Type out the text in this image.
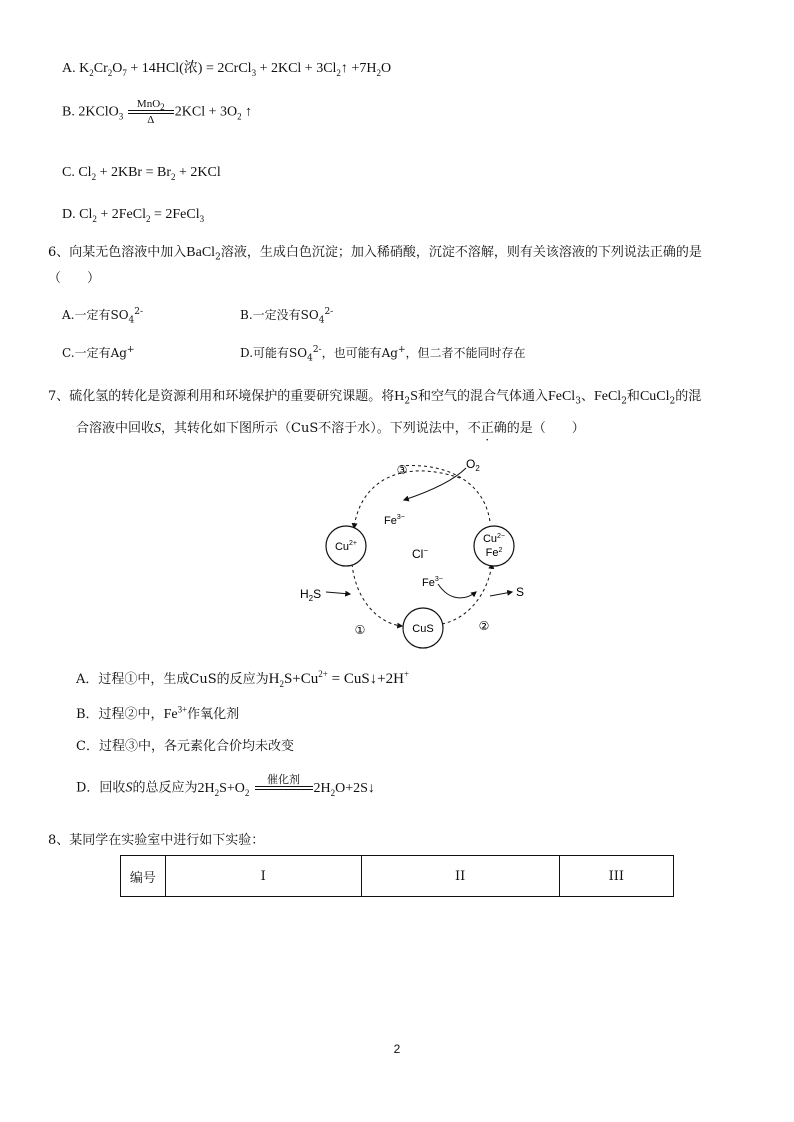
A. $K_2Cr_2O_7 + 14HCl$(浓) = 2CrCl$_3$ + $2KCl + 3Cl_2↑ +7H_2O$
B. 2KClO$_3$
MnO$_2$
Δ
$2KCl + 3O_2$ ↑
C. $Cl_2 + 2KBr = Br_2 + 2KCl$
D. $Cl_2$ + 2FeCl$_2$ = 2FeCl$_3$
6、向某无色溶液中加入BaCl$_2$溶液，生成白色沉淀；加入稀硝酸，沉淀不溶解，则有关该溶液的下列说法正确的是
（　　）
A.一定有$SO_4^{2-}$	B.一定没有$SO_4^{2-}$
C.一定有Ag+	D.可能有$SO_4^{2-}$，也可能有Ag+，但二者不能同时存在
7、硫化氢的转化是资源利用和环境保护的重要研究课题。将$H_2S$和空气的混合气体通入FeCl$_3$、FeCl$_2$和CuCl$_2$的混
合溶液中回收S，其转化如下图所示（CuS不溶于水）。下列说法中，不正确的是（　　）
③	$O_2$
$Fe^{3-}$
$Cu^{2+}$
Cl−
$Cu^{2-}$
Fe$^2$
$Fe^{3-}$
$H_2S$	S
①	CuS	②
A．过程①中，生成CuS的反应为$H_2S+Cu^{2+}$ = CuS↓+2H+
B．过程②中，$Fe^{3+}$作氧化剂
C．过程③中，各元素化合价均未改变
D．回收S的总反应为$2H_2S+O_2$
催化剂

$2H_2O+2S↓$
8、某同学在实验室中进行如下实验：
编号	I	II	III
2
